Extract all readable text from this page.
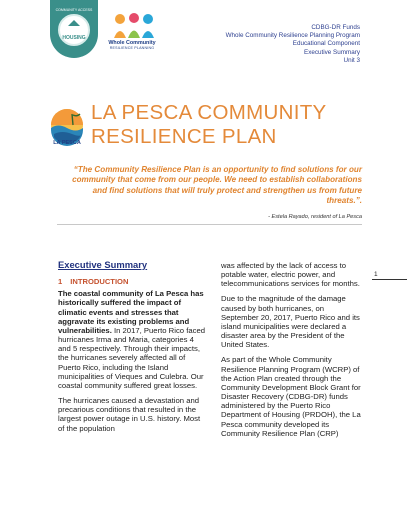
COMMUNITY ACCESS
HOUSING
Whole Community
RESILIENCE PLANNING
CDBG-DR Funds
Whole Community Resilience Planning Program
Educational Component
Executive Summary
Unit 3
LA PESCA
LA PESCA COMMUNITY
RESILIENCE PLAN
“The Community Resilience Plan is an opportunity to find solutions for our community that come from our people. We need to establish collaborations and find solutions that will truly protect and strengthen us from future threats.”.
- Estela Rayado, resident of La Pesca
Executive Summary
1 INTRODUCTION

The coastal community of La Pesca has historically suffered the impact of climatic events and stresses that aggravate its existing problems and vulnerabilities. In 2017, Puerto Rico faced hurricanes Irma and Maria, categories 4 and 5 respectively. Through their impacts, the hurricanes severely affected all of Puerto Rico, including the Island municipalities of Vieques and Culebra. Our coastal community suffered great losses.

The hurricanes caused a devastation and precarious conditions that resulted in the largest power outage in U.S. history. Most of the population

was affected by the lack of access to potable water, electric power, and telecommunications services for months.

Due to the magnitude of the damage caused by both hurricanes, on September 20, 2017, Puerto Rico and its island municipalities were declared a disaster area by the President of the United States.

As part of the Whole Community Resilience Planning Program (WCRP) of the Action Plan created through the Community Development Block Grant for Disaster Recovery (CDBG-DR) funds administered by the Puerto Rico Department of Housing (PRDOH), the La Pesca community developed its Community Resilience Plan (CRP)

1
